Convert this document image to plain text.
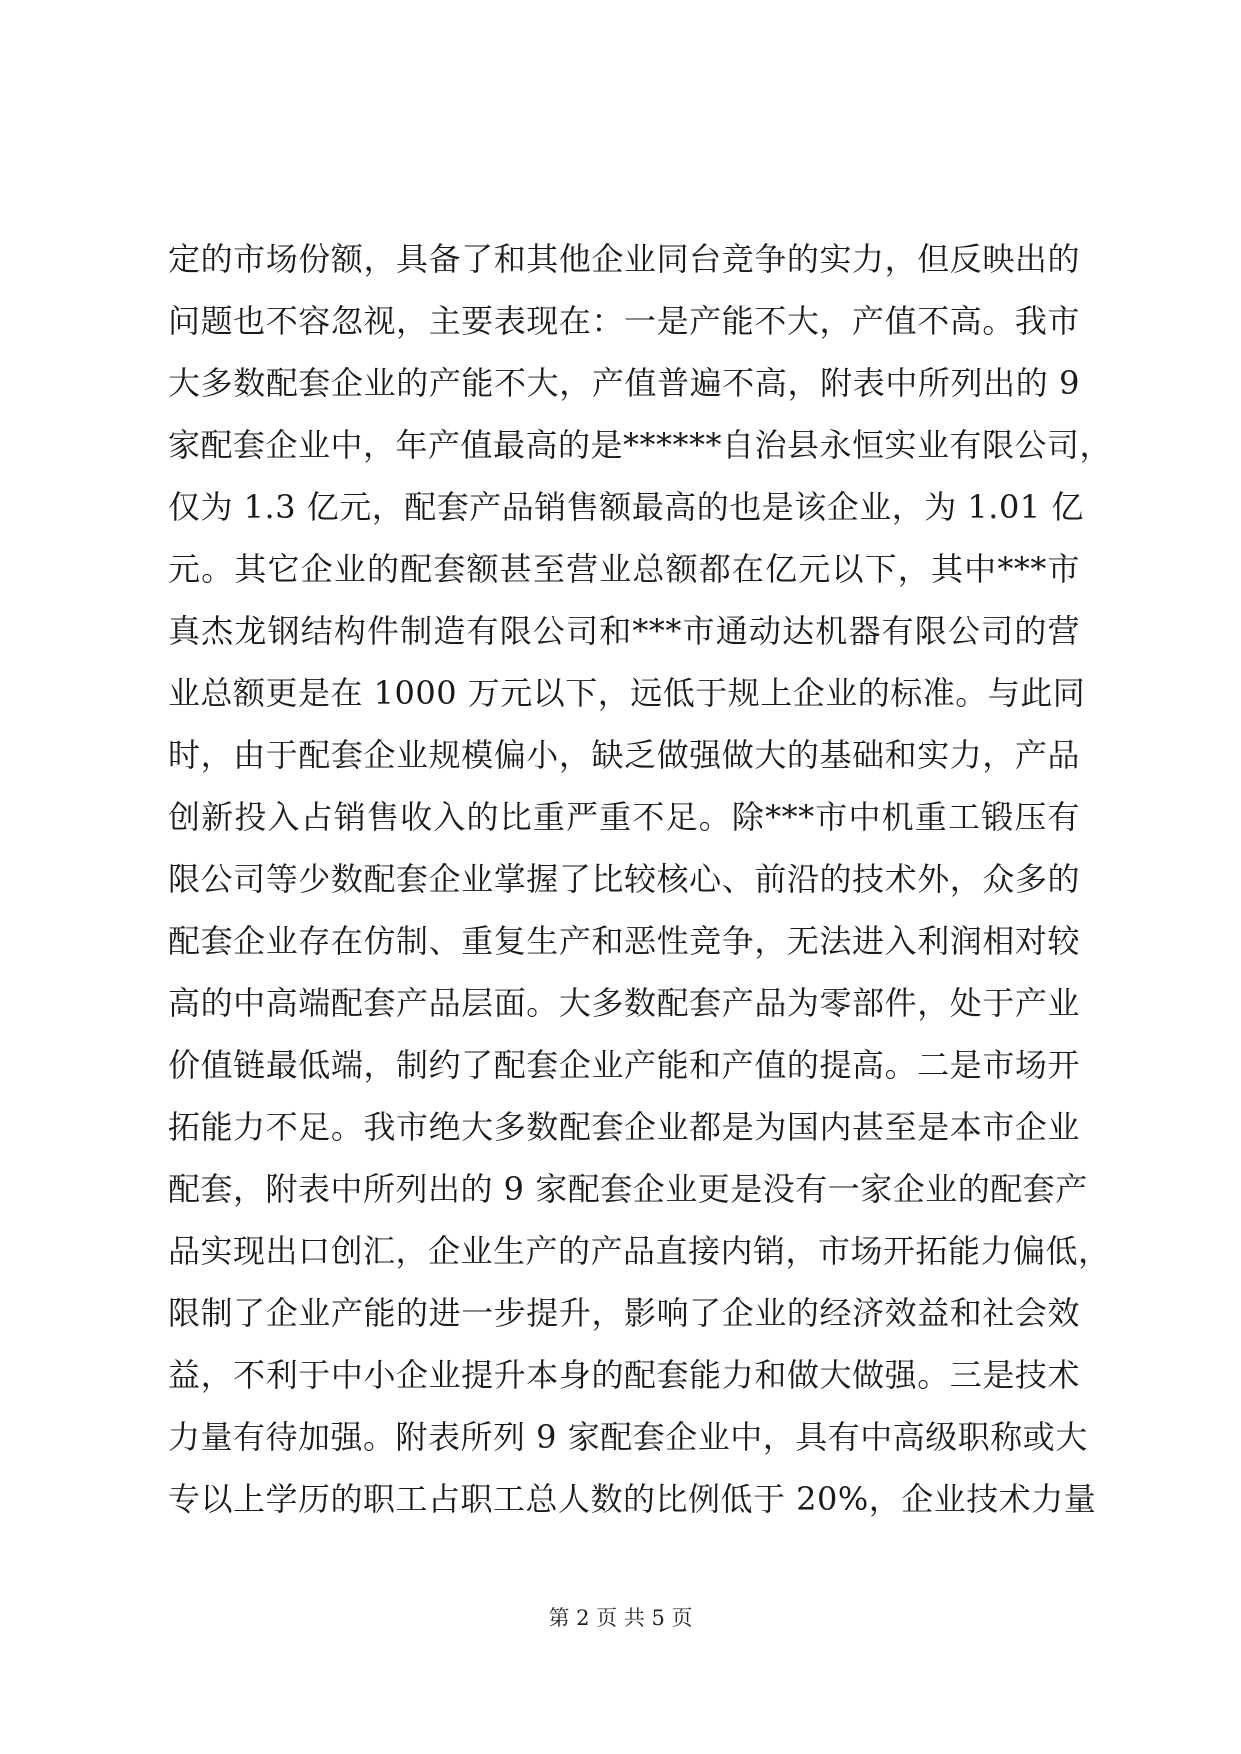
定的市场份额，具备了和其他企业同台竞争的实力，但反映出的
问题也不容忽视，主要表现在：一是产能不大，产值不高。我市
大多数配套企业的产能不大，产值普遍不高，附表中所列出的 9
家配套企业中，年产值最高的是******自治县永恒实业有限公司，
仅为 1.3 亿元，配套产品销售额最高的也是该企业，为 1.01 亿
元。其它企业的配套额甚至营业总额都在亿元以下，其中***市
真杰龙钢结构件制造有限公司和***市通动达机器有限公司的营
业总额更是在 1000 万元以下，远低于规上企业的标准。与此同
时，由于配套企业规模偏小，缺乏做强做大的基础和实力，产品
创新投入占销售收入的比重严重不足。除***市中机重工锻压有
限公司等少数配套企业掌握了比较核心、前沿的技术外，众多的
配套企业存在仿制、重复生产和恶性竞争，无法进入利润相对较
高的中高端配套产品层面。大多数配套产品为零部件，处于产业
价值链最低端，制约了配套企业产能和产值的提高。二是市场开
拓能力不足。我市绝大多数配套企业都是为国内甚至是本市企业
配套，附表中所列出的 9 家配套企业更是没有一家企业的配套产
品实现出口创汇，企业生产的产品直接内销，市场开拓能力偏低，
限制了企业产能的进一步提升，影响了企业的经济效益和社会效
益，不利于中小企业提升本身的配套能力和做大做强。三是技术
力量有待加强。附表所列 9 家配套企业中，具有中高级职称或大
专以上学历的职工占职工总人数的比例低于 20%，企业技术力量
第 2 页 共 5 页
